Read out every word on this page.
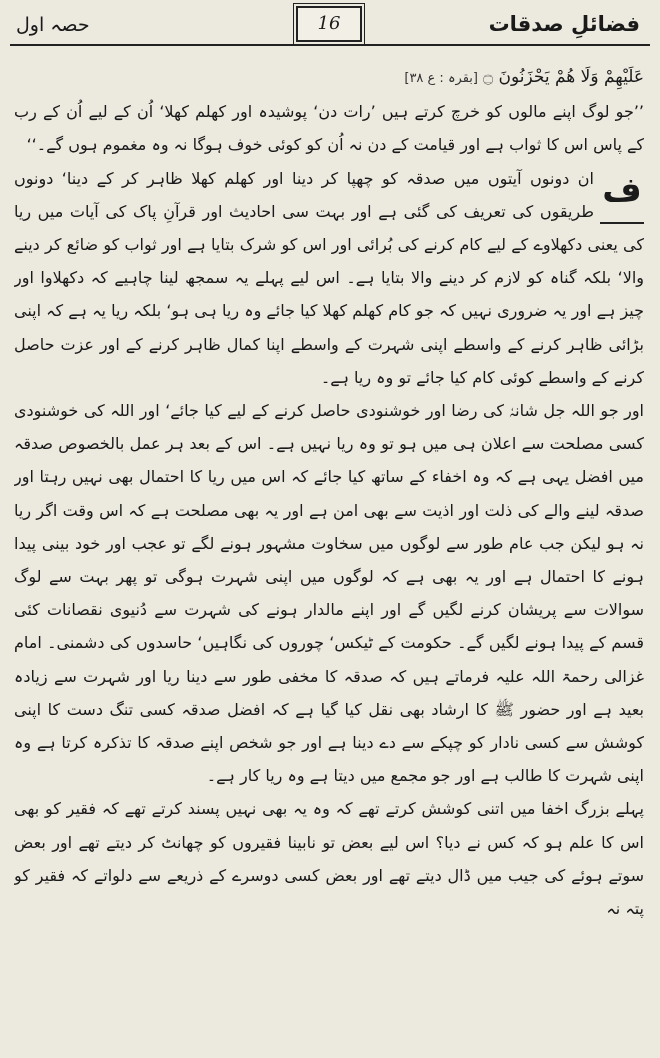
حصہ اول	16	فضائلِ صدقات

عَلَيْهِمْ وَلَا هُمْ يَحْزَنُونَ ۝ [بقرہ : ع ۳۸]

’’جو لوگ اپنے مالوں کو خرچ کرتے ہیں ’رات دن‘ پوشیدہ اور کھلم کھلا‘ اُن کے لیے اُن کے رب کے پاس اس کا ثواب ہے اور قیامت کے دن نہ اُن کو کوئی خوف ہوگا نہ وہ مغموم ہوں گے۔‘‘

ف
ان دونوں آیتوں میں صدقہ کو چھپا کر دینا اور کھلم کھلا ظاہر کر کے دینا‘ دونوں طریقوں کی تعریف کی گئی ہے اور بہت سی احادیث اور قرآنِ پاک کی آیات میں ریا کی یعنی دکھلاوے کے لیے کام کرنے کی بُرائی اور اس کو شرک بتایا ہے اور ثواب کو ضائع کر دینے والا‘ بلکہ گناہ کو لازم کر دینے والا بتایا ہے۔ اس لیے پہلے یہ سمجھ لینا چاہیے کہ دکھلاوا اور چیز ہے اور یہ ضروری نہیں کہ جو کام کھلم کھلا کیا جائے وہ ریا ہی ہو‘ بلکہ ریا یہ ہے کہ اپنی بڑائی ظاہر کرنے کے واسطے اپنی شہرت کے واسطے اپنا کمال ظاہر کرنے کے اور عزت حاصل کرنے کے واسطے کوئی کام کیا جائے تو وہ ریا ہے۔

اور جو اللہ جل شانہٗ کی رضا اور خوشنودی حاصل کرنے کے لیے کیا جائے‘ اور اللہ کی خوشنودی کسی مصلحت سے اعلان ہی میں ہو تو وہ ریا نہیں ہے۔ اس کے بعد ہر عمل بالخصوص صدقہ میں افضل یہی ہے کہ وہ اخفاء کے ساتھ کیا جائے کہ اس میں ریا کا احتمال بھی نہیں رہتا اور صدقہ لینے والے کی ذلت اور اذیت سے بھی امن ہے اور یہ بھی مصلحت ہے کہ اس وقت اگر ریا نہ ہو لیکن جب عام طور سے لوگوں میں سخاوت مشہور ہونے لگے تو عجب اور خود بینی پیدا ہونے کا احتمال ہے اور یہ بھی ہے کہ لوگوں میں اپنی شہرت ہوگی تو پھر بہت سے لوگ سوالات سے پریشان کرنے لگیں گے اور اپنے مالدار ہونے کی شہرت سے دُنیوی نقصانات کئی قسم کے پیدا ہونے لگیں گے۔ حکومت کے ٹیکس‘ چوروں کی نگاہیں‘ حاسدوں کی دشمنی۔ امام غزالی رحمۃ اللہ علیہ فرماتے ہیں کہ صدقہ کا مخفی طور سے دینا ریا اور شہرت سے زیادہ بعید ہے اور حضور ﷺ کا ارشاد بھی نقل کیا گیا ہے کہ افضل صدقہ کسی تنگ دست کا اپنی کوشش سے کسی نادار کو چپکے سے دے دینا ہے اور جو شخص اپنے صدقہ کا تذکرہ کرتا ہے وہ اپنی شہرت کا طالب ہے اور جو مجمع میں دیتا ہے وہ ریا کار ہے۔

پہلے بزرگ اخفا میں اتنی کوشش کرتے تھے کہ وہ یہ بھی نہیں پسند کرتے تھے کہ فقیر کو بھی اس کا علم ہو کہ کس نے دیا؟ اس لیے بعض تو نابینا فقیروں کو چھانٹ کر دیتے تھے اور بعض سوتے ہوئے کی جیب میں ڈال دیتے تھے اور بعض کسی دوسرے کے ذریعے سے دلواتے کہ فقیر کو پتہ نہ
